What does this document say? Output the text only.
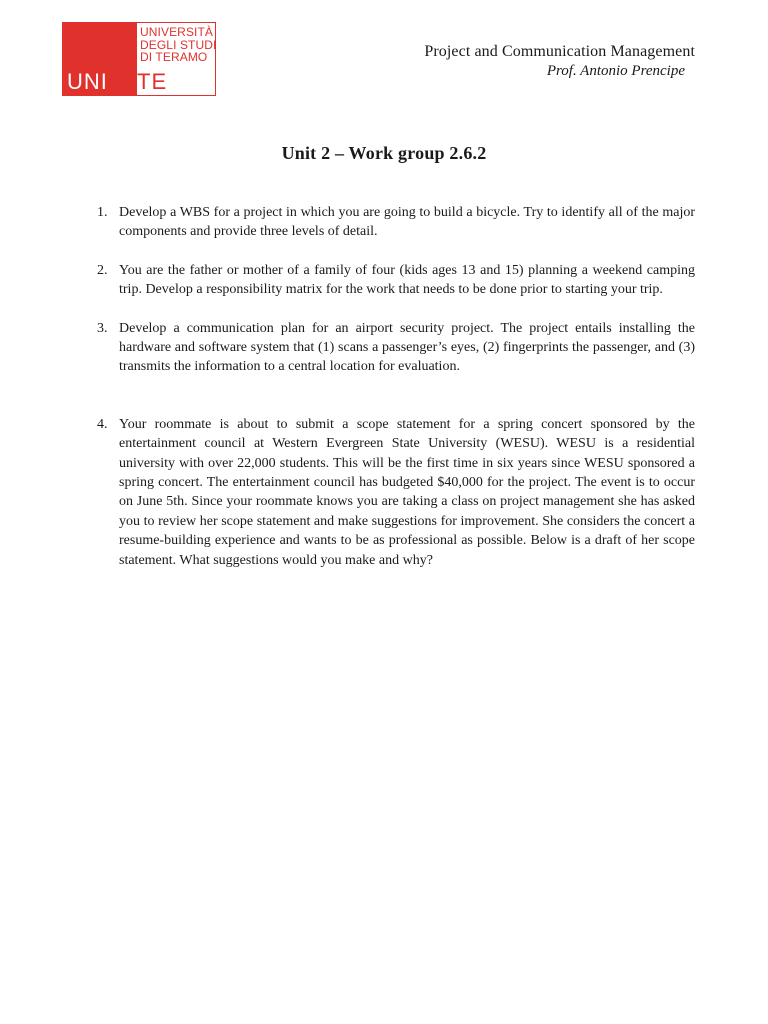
UNIVERSITÀ
DEGLI STUDI
DI TERAMO
UNI TE
Project and Communication Management
Prof. Antonio Prencipe
Unit 2 – Work group 2.6.2
1. Develop a WBS for a project in which you are going to build a bicycle. Try to identify all of the major components and provide three levels of detail.
2. You are the father or mother of a family of four (kids ages 13 and 15) planning a weekend camping trip. Develop a responsibility matrix for the work that needs to be done prior to starting your trip.
3. Develop a communication plan for an airport security project. The project entails installing the hardware and software system that (1) scans a passenger’s eyes, (2) fingerprints the passenger, and (3) transmits the information to a central location for evaluation.
4. Your roommate is about to submit a scope statement for a spring concert sponsored by the entertainment council at Western Evergreen State University (WESU). WESU is a residential university with over 22,000 students. This will be the first time in six years since WESU sponsored a spring concert. The entertainment council has budgeted $40,000 for the project. The event is to occur on June 5th. Since your roommate knows you are taking a class on project management she has asked you to review her scope statement and make suggestions for improvement. She considers the concert a resume-building experience and wants to be as professional as possible. Below is a draft of her scope statement. What suggestions would you make and why?
